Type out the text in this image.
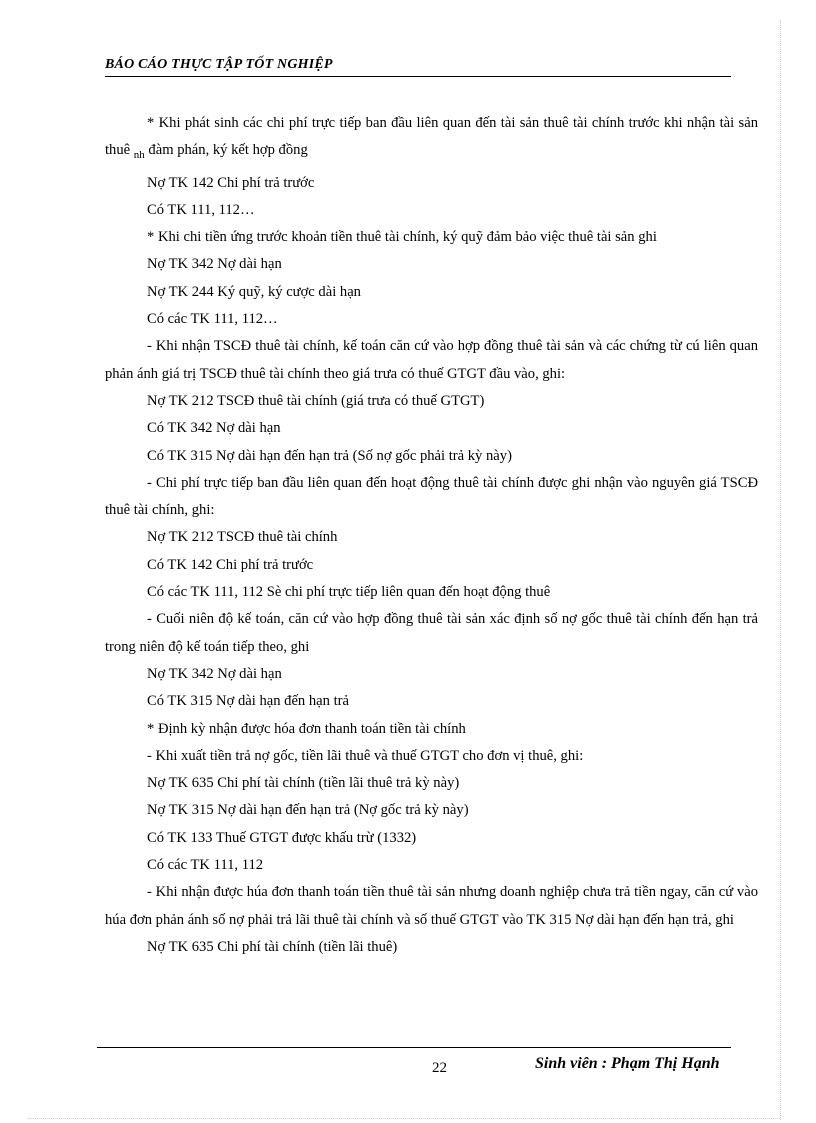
BÁO CÁO THỰC TẬP TỐT NGHIỆP

* Khi phát sinh các chi phí trực tiếp ban đầu liên quan đến tài sản thuê tài chính trước khi nhận tài sản thuê $_{nh}$ đàm phán, ký kết hợp đồng

Nợ TK 142 Chi phí trả trước

Có TK 111, 112…

* Khi chi tiền ứng trước khoản tiền thuê tài chính, ký quỹ đảm bảo việc thuê tài sản ghi

Nợ TK 342 Nợ dài hạn

Nợ TK 244 Ký quỹ, ký cược dài hạn

Có các TK 111, 112…

- Khi nhận TSCĐ thuê tài chính, kế toán căn cứ vào hợp đồng thuê tài sản và các chứng từ cú liên quan phản ánh giá trị TSCĐ thuê tài chính theo giá trưa có thuế GTGT đầu vào, ghi:

Nợ TK 212 TSCĐ thuê tài chính (giá trưa có thuế GTGT)

Có TK 342 Nợ dài hạn

Có TK 315 Nợ dài hạn đến hạn trả (Số nợ gốc phải trả kỳ này)

- Chi phí trực tiếp ban đầu liên quan đến hoạt động thuê tài chính được ghi nhận vào nguyên giá TSCĐ thuê tài chính, ghi:

Nợ TK 212 TSCĐ thuê tài chính

Có TK 142 Chi phí trả trước

Có các TK 111, 112 Sè chi phí trực tiếp liên quan đến hoạt động thuê

- Cuối niên độ kế toán, căn cứ vào hợp đồng thuê tài sản xác định số nợ gốc thuê tài chính đến hạn trả trong niên độ kế toán tiếp theo, ghi

Nợ TK 342 Nợ dài hạn

Có TK 315 Nợ dài hạn đến hạn trả

* Định kỳ nhận được hóa đơn thanh toán tiền tài chính

- Khi xuất tiền trả nợ gốc, tiền lãi thuê và thuế GTGT cho đơn vị thuê, ghi:

Nợ TK 635 Chi phí tài chính (tiền lãi thuê trả kỳ này)

Nợ TK 315 Nợ dài hạn đến hạn trả (Nợ gốc trả kỳ này)

Có TK 133 Thuế GTGT được khấu trừ (1332)

Có các TK 111, 112

- Khi nhận được húa đơn thanh toán tiền thuê tài sản nhưng doanh nghiệp chưa trả tiền ngay, căn cứ vào húa đơn phản ánh số nợ phải trả lãi thuê tài chính và số thuế GTGT vào TK 315 Nợ dài hạn đến hạn trả, ghi

Nợ TK 635 Chi phí tài chính (tiền lãi thuê)

22	Sinh viên : Phạm Thị Hạnh
